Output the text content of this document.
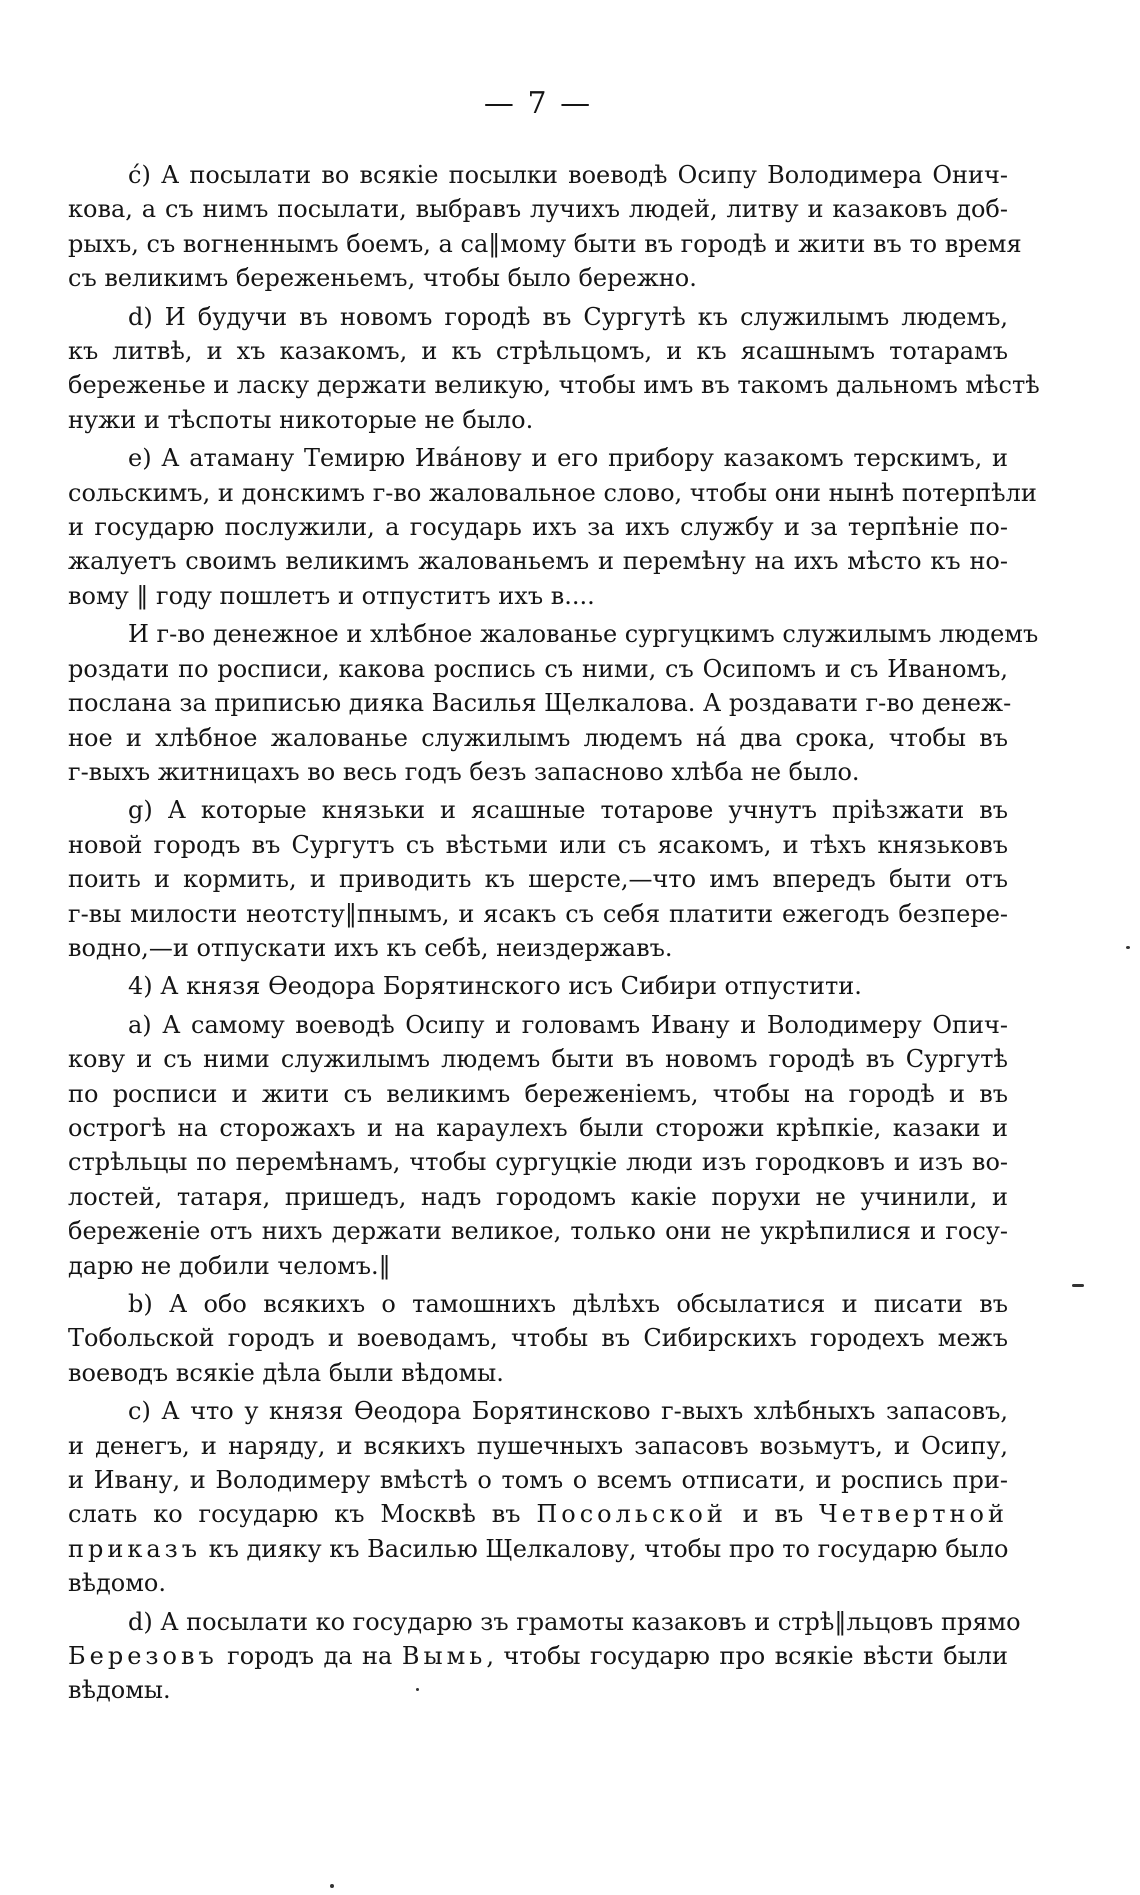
— 7 —

ć) А посылати во всякіе посылки воеводѣ Осипу Володимера Онич-
кова, а съ нимъ посылати, выбравъ лучихъ людей, литву и казаковъ доб-
рыхъ, съ вогненнымъ боемъ, а са‖мому быти въ городѣ и жити въ то время
съ великимъ береженьемъ, чтобы было бережно.

d) И будучи въ новомъ городѣ въ Сургутѣ къ служилымъ людемъ,
къ литвѣ, и хъ казакомъ, и къ стрѣльцомъ, и къ ясашнымъ тотарамъ
береженье и ласку держати великую, чтобы имъ въ такомъ дальномъ мѣстѣ
нужи и тѣспоты никоторые не было.

е) А атаману Темирю Ивáнову и его прибору казакомъ терскимъ, и
сольскимъ, и донскимъ г-во жаловальное слово, чтобы они нынѣ потерпѣли
и государю послужили, а государь ихъ за ихъ службу и за терпѣніе по-
жалуетъ своимъ великимъ жалованьемъ и перемѣну на ихъ мѣсто къ но-
вому ‖ году пошлетъ и отпуститъ ихъ в....

И г-во денежное и хлѣбное жалованье сургуцкимъ служилымъ людемъ
роздати по росписи, какова роспись съ ними, съ Осипомъ и съ Иваномъ,
послана за приписью дияка Василья Щелкалова. А роздавати г-во денеж-
ное и хлѣбное жалованье служилымъ людемъ нá два срока, чтобы въ
г-выхъ житницахъ во весь годъ безъ запасново хлѣба не было.

g) А которые князьки и ясашные тотарове учнутъ пріѣзжати въ
новой городъ въ Сургутъ съ вѣстьми или съ ясакомъ, и тѣхъ князьковъ
поить и кормить, и приводить къ шерсте,—что имъ впередъ быти отъ
г-вы милости неотсту‖пнымъ, и ясакъ съ себя платити ежегодъ безпере-
водно,—и отпускати ихъ къ себѣ, неиздержавъ.

4) А князя Ѳеодора Борятинского исъ Сибири отпустити.

а) А самому воеводѣ Осипу и головамъ Ивану и Володимеру Опич-
кову и съ ними служилымъ людемъ быти въ новомъ городѣ въ Сургутѣ
по росписи и жити съ великимъ береженіемъ, чтобы на городѣ и въ
острогѣ на сторожахъ и на караулехъ были сторожи крѣпкіе, казаки и
стрѣльцы по перемѣнамъ, чтобы сургуцкіе люди изъ городковъ и изъ во-
лостей, татаря, пришедъ, надъ городомъ какіе порухи не учинили, и
береженіе отъ нихъ держати великое, только они не укрѣпилися и госу-
дарю не добили челомъ.‖

b) А обо всякихъ о тамошнихъ дѣлѣхъ обсылатися и писати въ
Тобольской городъ и воеводамъ, чтобы въ Сибирскихъ городехъ межъ
воеводъ всякіе дѣла были вѣдомы.

с) А что у князя Ѳеодора Борятинсково г-выхъ хлѣбныхъ запасовъ,
и денегъ, и наряду, и всякихъ пушечныхъ запасовъ возьмутъ, и Осипу,
и Ивану, и Володимеру вмѣстѣ о томъ о всемъ отписати, и роспись при-
слать ко государю къ Москвѣ въ Посольской и въ Четвертной
приказъ къ дияку къ Василью Щелкалову, чтобы про то государю было
вѣдомо.

d) А посылати ко государю зъ грамоты казаковъ и стрѣ‖льцовъ прямо
Березовъ городъ да на Вымь, чтобы государю про всякіе вѣсти были
вѣдомы.
